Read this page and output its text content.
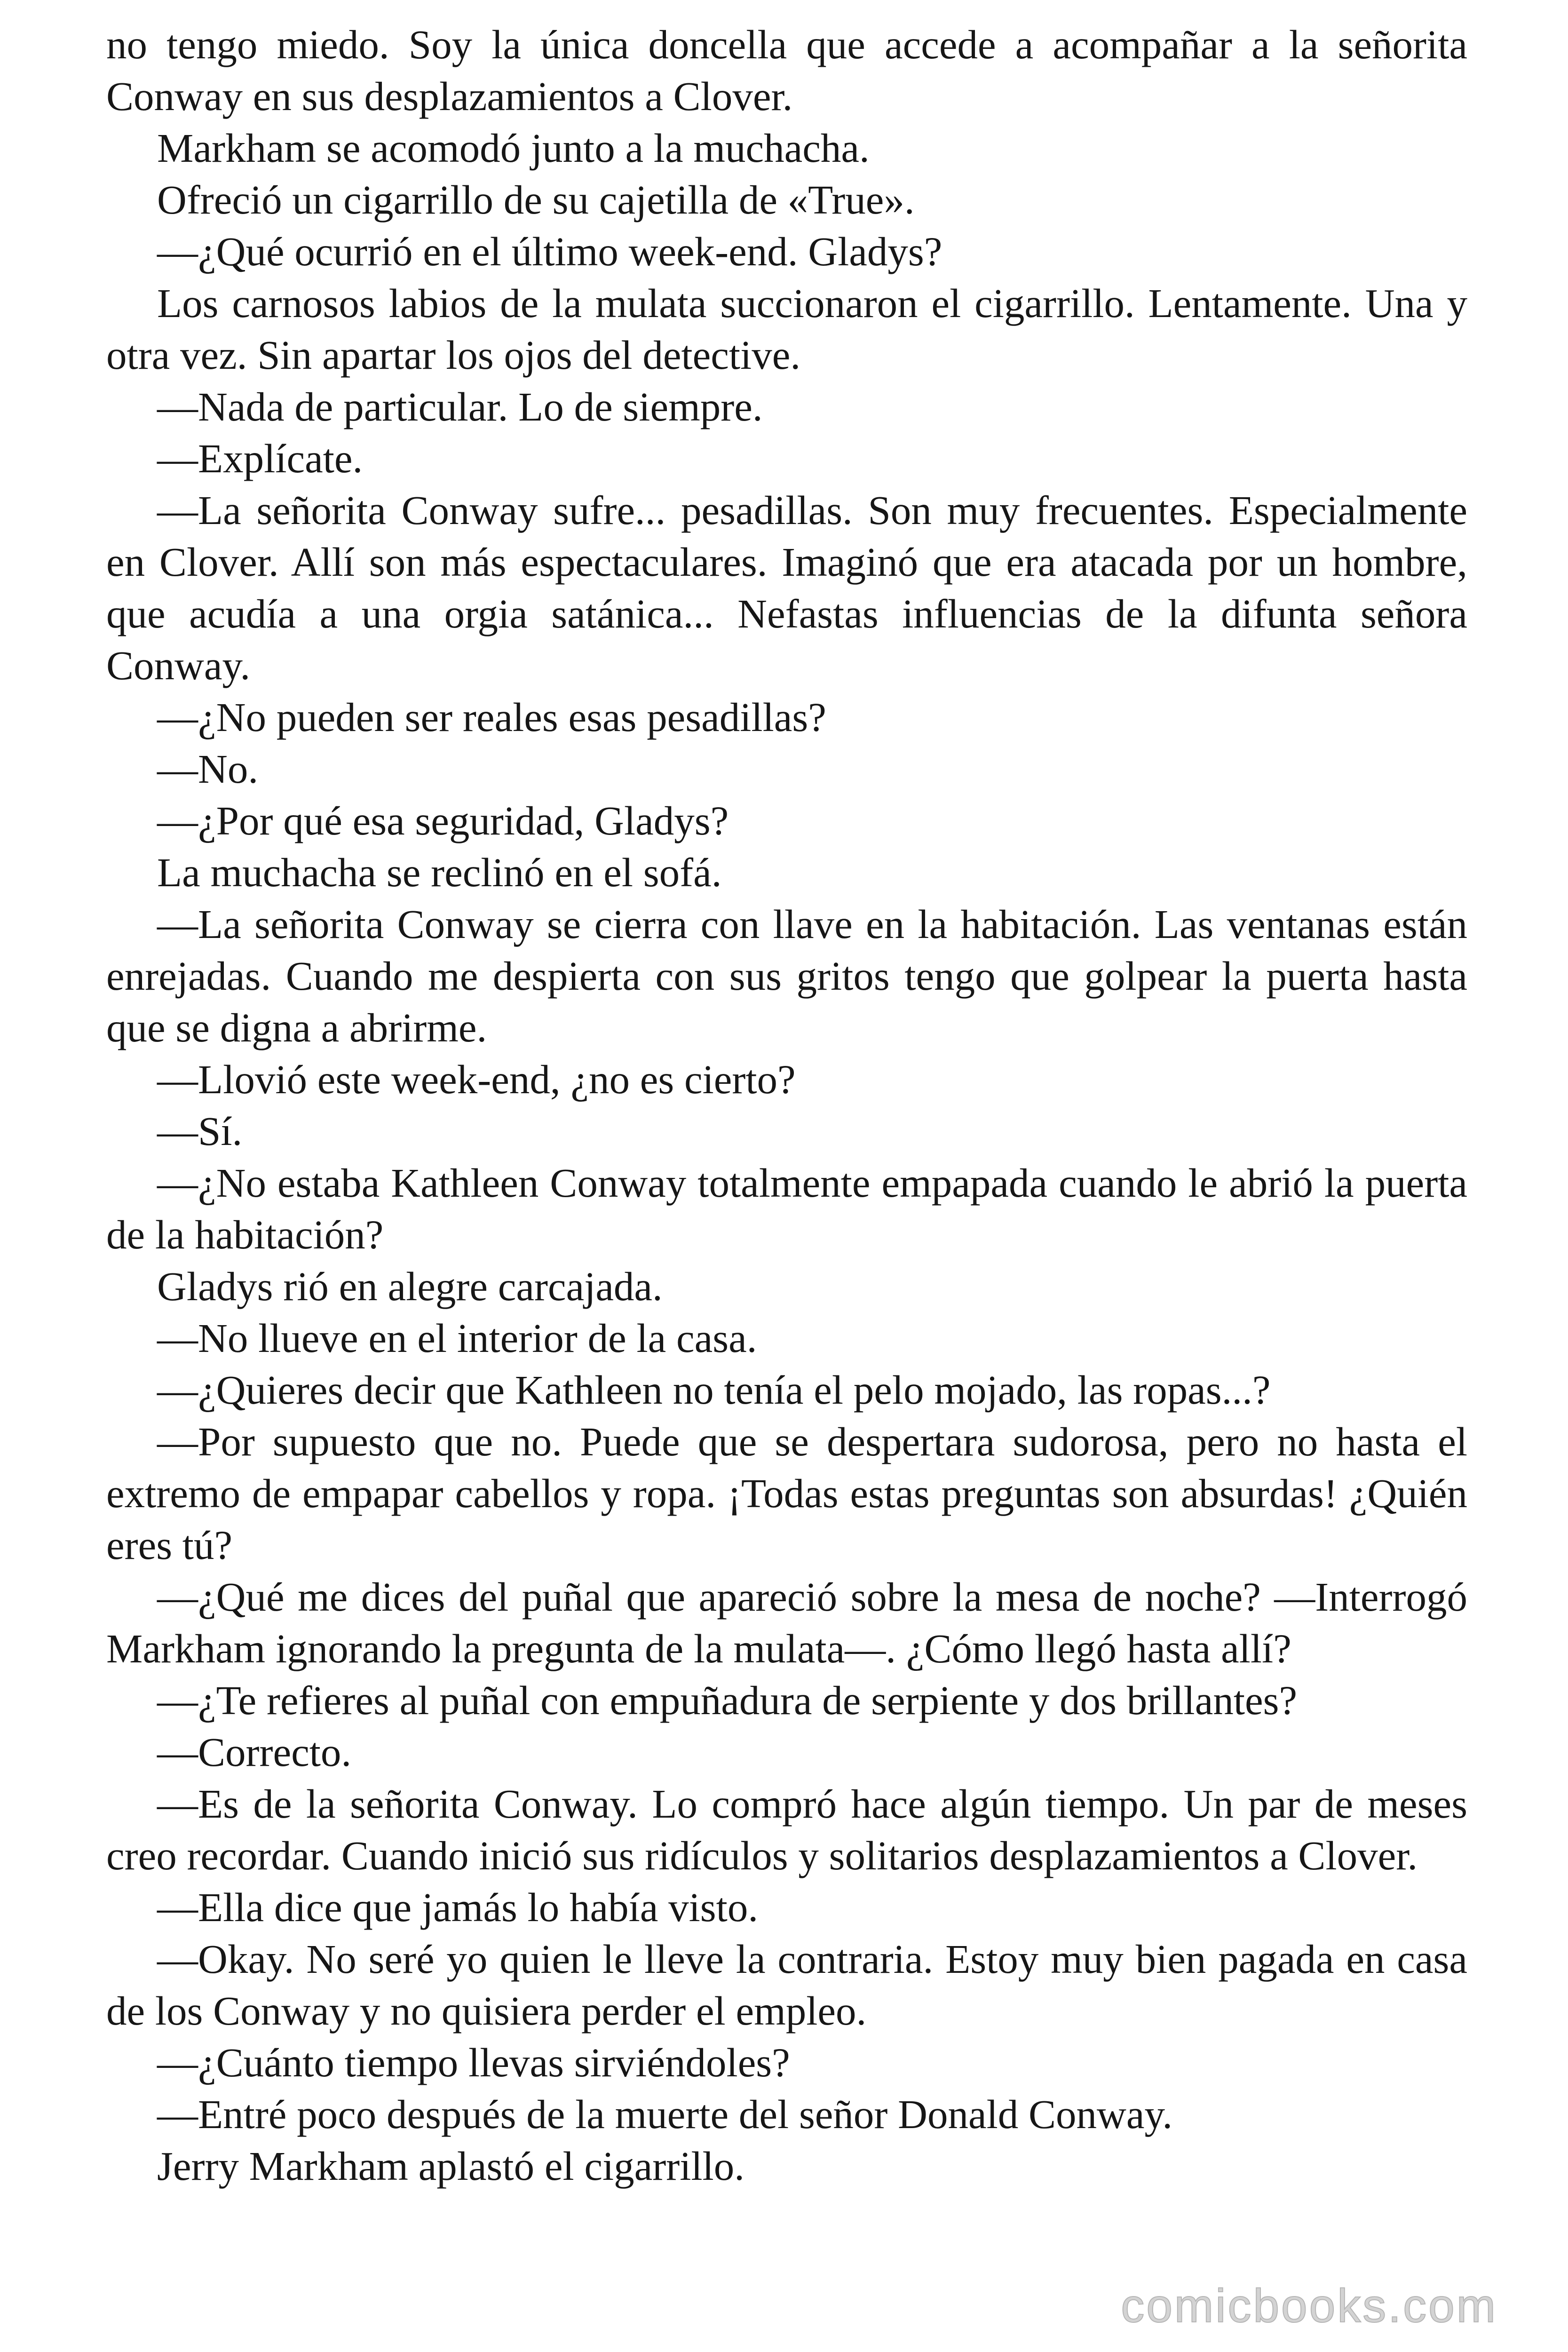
no tengo miedo. Soy la única doncella que accede a acompañar a la señorita Conway en sus desplazamientos a Clover.

Markham se acomodó junto a la muchacha.

Ofreció un cigarrillo de su cajetilla de «True».

—¿Qué ocurrió en el último week-end. Gladys?

Los carnosos labios de la mulata succionaron el cigarrillo. Lentamente. Una y otra vez. Sin apartar los ojos del detective.

—Nada de particular. Lo de siempre.

—Explícate.

—La señorita Conway sufre... pesadillas. Son muy frecuentes. Especialmente en Clover. Allí son más espectaculares. Imaginó que era atacada por un hombre, que acudía a una orgia satánica... Nefastas influencias de la difunta señora Conway.

—¿No pueden ser reales esas pesadillas?

—No.

—¿Por qué esa seguridad, Gladys?

La muchacha se reclinó en el sofá.

—La señorita Conway se cierra con llave en la habitación. Las ventanas están enrejadas. Cuando me despierta con sus gritos tengo que golpear la puerta hasta que se digna a abrirme.

—Llovió este week-end, ¿no es cierto?

—Sí.

—¿No estaba Kathleen Conway totalmente empapada cuando le abrió la puerta de la habitación?

Gladys rió en alegre carcajada.

—No llueve en el interior de la casa.

—¿Quieres decir que Kathleen no tenía el pelo mojado, las ropas...?

—Por supuesto que no. Puede que se despertara sudorosa, pero no hasta el extremo de empapar cabellos y ropa. ¡Todas estas preguntas son absurdas! ¿Quién eres tú?

—¿Qué me dices del puñal que apareció sobre la mesa de noche? —Interrogó Markham ignorando la pregunta de la mulata—. ¿Cómo llegó hasta allí?

—¿Te refieres al puñal con empuñadura de serpiente y dos brillantes?

—Correcto.

—Es de la señorita Conway. Lo compró hace algún tiempo. Un par de meses creo recordar. Cuando inició sus ridículos y solitarios desplazamientos a Clover.

—Ella dice que jamás lo había visto.

—Okay. No seré yo quien le lleve la contraria. Estoy muy bien pagada en casa de los Conway y no quisiera perder el empleo.

—¿Cuánto tiempo llevas sirviéndoles?

—Entré poco después de la muerte del señor Donald Conway.

Jerry Markham aplastó el cigarrillo.

comicbooks.com
